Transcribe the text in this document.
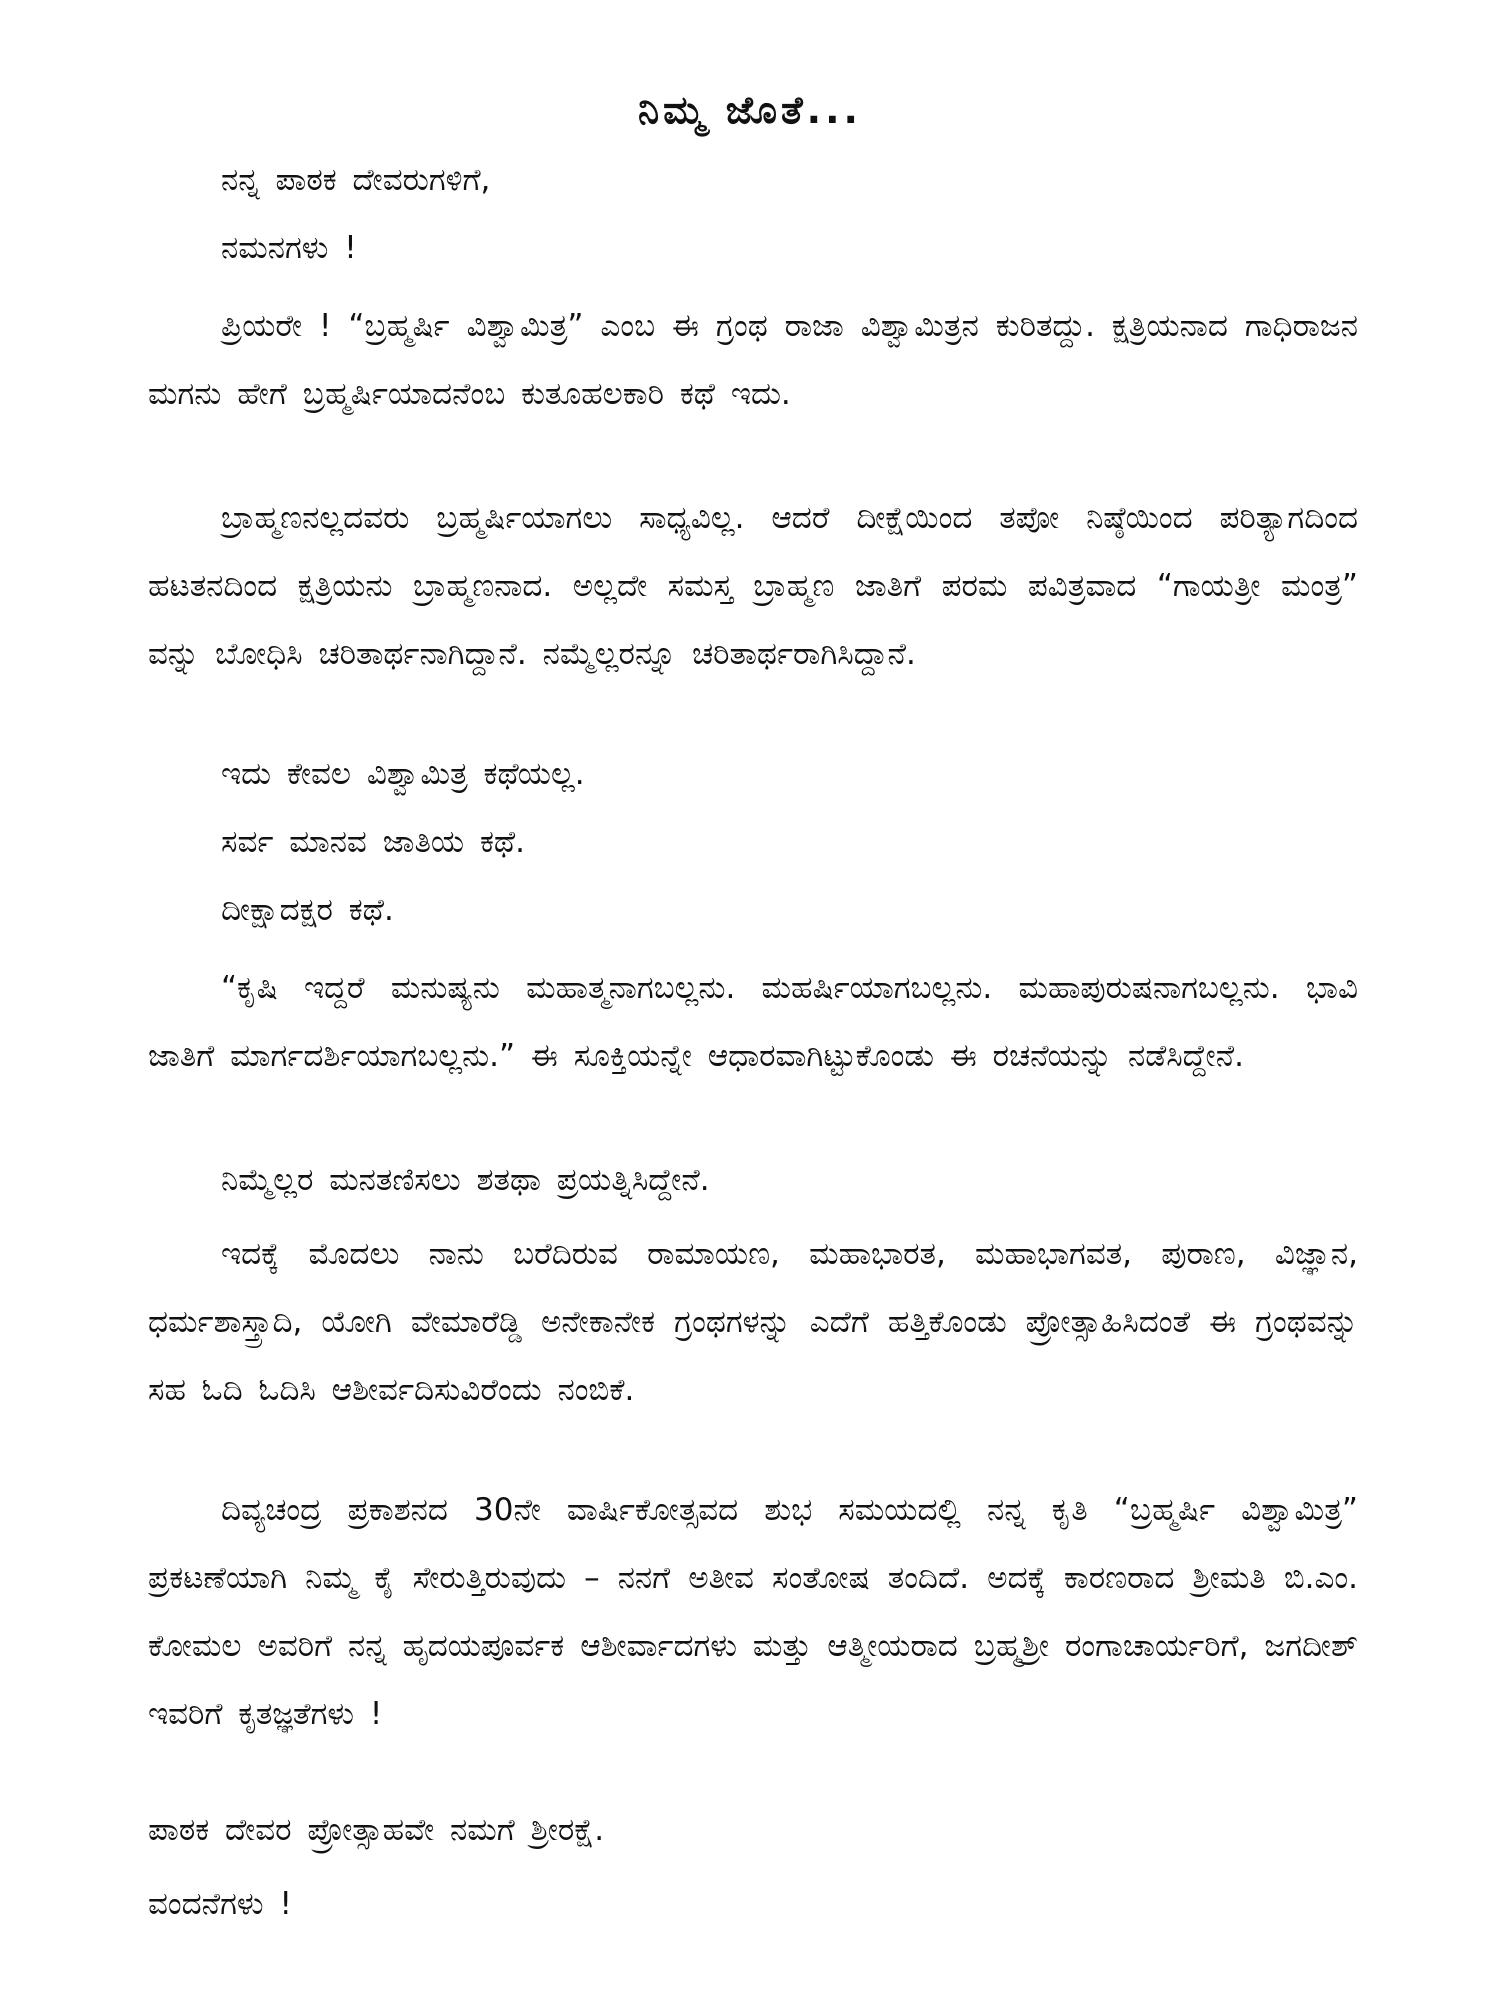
ನಿಮ್ಮ ಜೊತೆ...

ನನ್ನ ಪಾಠಕ ದೇವರುಗಳಿಗೆ,

ನಮನಗಳು !

ಪ್ರಿಯರೇ ! “ಬ್ರಹ್ಮರ್ಷಿ ವಿಶ್ವಾಮಿತ್ರ” ಎಂಬ ಈ ಗ್ರಂಥ ರಾಜಾ ವಿಶ್ವಾಮಿತ್ರನ ಕುರಿತದ್ದು. ಕ್ಷತ್ರಿಯನಾದ ಗಾಧಿರಾಜನ ಮಗನು ಹೇಗೆ ಬ್ರಹ್ಮರ್ಷಿಯಾದನೆಂಬ ಕುತೂಹಲಕಾರಿ ಕಥೆ ಇದು.

ಬ್ರಾಹ್ಮಣನಲ್ಲದವರು ಬ್ರಹ್ಮರ್ಷಿಯಾಗಲು ಸಾಧ್ಯವಿಲ್ಲ. ಆದರೆ ದೀಕ್ಷೆಯಿಂದ ತಪೋ ನಿಷ್ಠೆಯಿಂದ ಪರಿತ್ಯಾಗದಿಂದ ಹಟತನದಿಂದ ಕ್ಷತ್ರಿಯನು ಬ್ರಾಹ್ಮಣನಾದ. ಅಲ್ಲದೇ ಸಮಸ್ತ ಬ್ರಾಹ್ಮಣ ಜಾತಿಗೆ ಪರಮ ಪವಿತ್ರವಾದ “ಗಾಯತ್ರೀ ಮಂತ್ರ” ವನ್ನು ಬೋಧಿಸಿ ಚರಿತಾರ್ಥನಾಗಿದ್ದಾನೆ. ನಮ್ಮೆಲ್ಲರನ್ನೂ ಚರಿತಾರ್ಥರಾಗಿಸಿದ್ದಾನೆ.

ಇದು ಕೇವಲ ವಿಶ್ವಾಮಿತ್ರ ಕಥೆಯಲ್ಲ.

ಸರ್ವ ಮಾನವ ಜಾತಿಯ ಕಥೆ.

ದೀಕ್ಷಾದಕ್ಷರ ಕಥೆ.

“ಕೃಷಿ ಇದ್ದರೆ ಮನುಷ್ಯನು ಮಹಾತ್ಮನಾಗಬಲ್ಲನು. ಮಹರ್ಷಿಯಾಗಬಲ್ಲನು. ಮಹಾಪುರುಷನಾಗಬಲ್ಲನು. ಭಾವಿ ಜಾತಿಗೆ ಮಾರ್ಗದರ್ಶಿಯಾಗಬಲ್ಲನು.” ಈ ಸೂಕ್ತಿಯನ್ನೇ ಆಧಾರವಾಗಿಟ್ಟುಕೊಂಡು ಈ ರಚನೆಯನ್ನು ನಡೆಸಿದ್ದೇನೆ.

ನಿಮ್ಮೆಲ್ಲರ ಮನತಣಿಸಲು ಶತಥಾ ಪ್ರಯತ್ನಿಸಿದ್ದೇನೆ.

ಇದಕ್ಕೆ ಮೊದಲು ನಾನು ಬರೆದಿರುವ ರಾಮಾಯಣ, ಮಹಾಭಾರತ, ಮಹಾಭಾಗವತ, ಪುರಾಣ, ವಿಜ್ಞಾನ, ಧರ್ಮಶಾಸ್ತ್ರಾದಿ, ಯೋಗಿ ವೇಮಾರೆಡ್ಡಿ ಅನೇಕಾನೇಕ ಗ್ರಂಥಗಳನ್ನು ಎದೆಗೆ ಹತ್ತಿಕೊಂಡು ಪ್ರೋತ್ಸಾಹಿಸಿದಂತೆ ಈ ಗ್ರಂಥವನ್ನು ಸಹ ಓದಿ ಓದಿಸಿ ಆಶೀರ್ವದಿಸುವಿರೆಂದು ನಂಬಿಕೆ.

ದಿವ್ಯಚಂದ್ರ ಪ್ರಕಾಶನದ 30ನೇ ವಾರ್ಷಿಕೋತ್ಸವದ ಶುಭ ಸಮಯದಲ್ಲಿ ನನ್ನ ಕೃತಿ “ಬ್ರಹ್ಮರ್ಷಿ ವಿಶ್ವಾಮಿತ್ರ” ಪ್ರಕಟಣೆಯಾಗಿ ನಿಮ್ಮ ಕೈ ಸೇರುತ್ತಿರುವುದು – ನನಗೆ ಅತೀವ ಸಂತೋಷ ತಂದಿದೆ. ಅದಕ್ಕೆ ಕಾರಣರಾದ ಶ್ರೀಮತಿ ಬಿ.ಎಂ. ಕೋಮಲ ಅವರಿಗೆ ನನ್ನ ಹೃದಯಪೂರ್ವಕ ಆಶೀರ್ವಾದಗಳು ಮತ್ತು ಆತ್ಮೀಯರಾದ ಬ್ರಹ್ಮಶ್ರೀ ರಂಗಾಚಾರ್ಯರಿಗೆ, ಜಗದೀಶ್ ಇವರಿಗೆ ಕೃತಜ್ಞತೆಗಳು !

ಪಾಠಕ ದೇವರ ಪ್ರೋತ್ಸಾಹವೇ ನಮಗೆ ಶ್ರೀರಕ್ಷೆ.

ವಂದನೆಗಳು !
